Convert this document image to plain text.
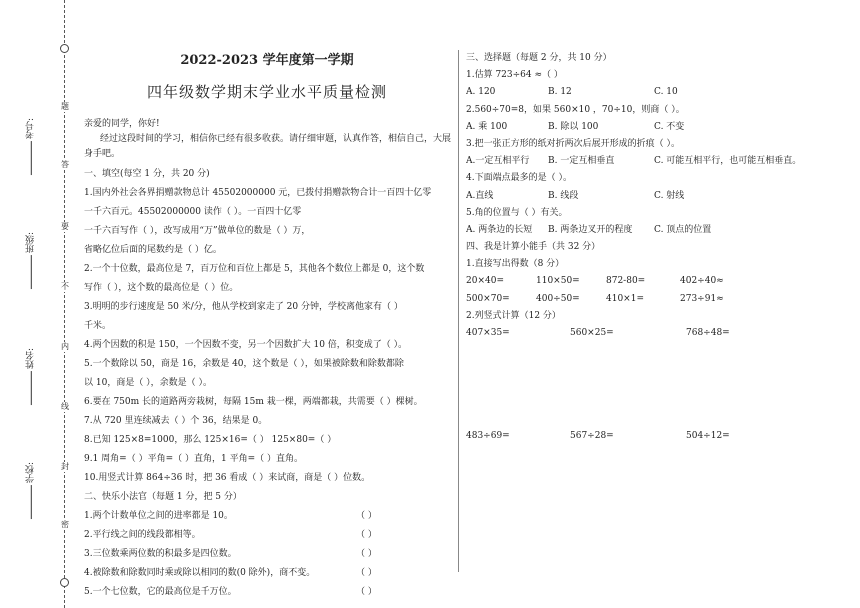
题
答
要
不
内
线
封
密
考号:
班级:
姓名:
学校:
2022-2023 学年度第一学期
四年级数学期末学业水平质量检测
亲爱的同学，你好!
经过这段时间的学习，相信你已经有很多收获。请仔细审题，认真作答，相信自己，大展身手吧。
一、填空(每空 1 分，共 20 分)
1.国内外社会各界捐赠款物总计 45502000000 元，已拨付捐赠款物合计一百四十亿零
一千六百元。45502000000 读作（ ）。一百四十亿零
一千六百写作（ ），改写成用“万”做单位的数是（ ）万，
省略亿位后面的尾数约是（ ）亿。
2.一个十位数，最高位是 7，百万位和百位上都是 5，其他各个数位上都是 0，这个数
写作（ ），这个数的最高位是（ ）位。
3.明明的步行速度是 50 米/分，他从学校到家走了 20 分钟，学校离他家有（ ）
千米。
4.两个因数的积是 150，一个因数不变，另一个因数扩大 10 倍，积变成了（ ）。
5.一个数除以 50，商是 16，余数是 40，这个数是（ ），如果被除数和除数都除
以 10，商是（ ），余数是（ ）。
6.要在 750m 长的道路两旁栽树，每隔 15m 栽一棵，两端都栽，共需要（ ）棵树。
7.从 720 里连续减去（ ）个 36，结果是 0。
8.已知 125×8=1000，那么 125×16=（ ） 125×80=（ ）
9.1 周角=（ ）平角=（ ）直角，1 平角=（ ）直角。
10.用竖式计算 864÷36 时，把 36 看成（ ）来试商，商是（ ）位数。
二、快乐小法官（每题 1 分，把 5 分）
1.两个计数单位之间的进率都是 10。	（ ）
2.平行线之间的线段都相等。	（ ）
3.三位数乘两位数的积最多是四位数。	（ ）
4.被除数和除数同时乘或除以相同的数(0 除外)，商不变。	（ ）
5.一个七位数，它的最高位是千万位。	（ ）
三、选择题（每题 2 分，共 10 分）
1.估算 723÷64 ≈（ ）
A. 120	B. 12	C. 10
2.560÷70=8，如果 560×10 ，70÷10，则商（ ）。
A. 乘 100	B. 除以 100	C. 不变
3.把一张正方形的纸对折两次后展开形成的折痕（ ）。
A.一定互相平行	B. 一定互相垂直	C. 可能互相平行，也可能互相垂直。
4.下面端点最多的是（ ）。
A.直线	B. 线段	C. 射线
5.角的位置与（ ）有关。
A. 两条边的长短	B. 两条边叉开的程度	C. 顶点的位置
四、我是计算小能手（共 32 分）
1.直接写出得数（8 分）
20×40=	110×50=	872-80=	402÷40≈
500×70=	400÷50=	410×1=	273÷91≈
2.列竖式计算（12 分）
407×35=	560×25=	768÷48=
483÷69=	567÷28=	504÷12=
